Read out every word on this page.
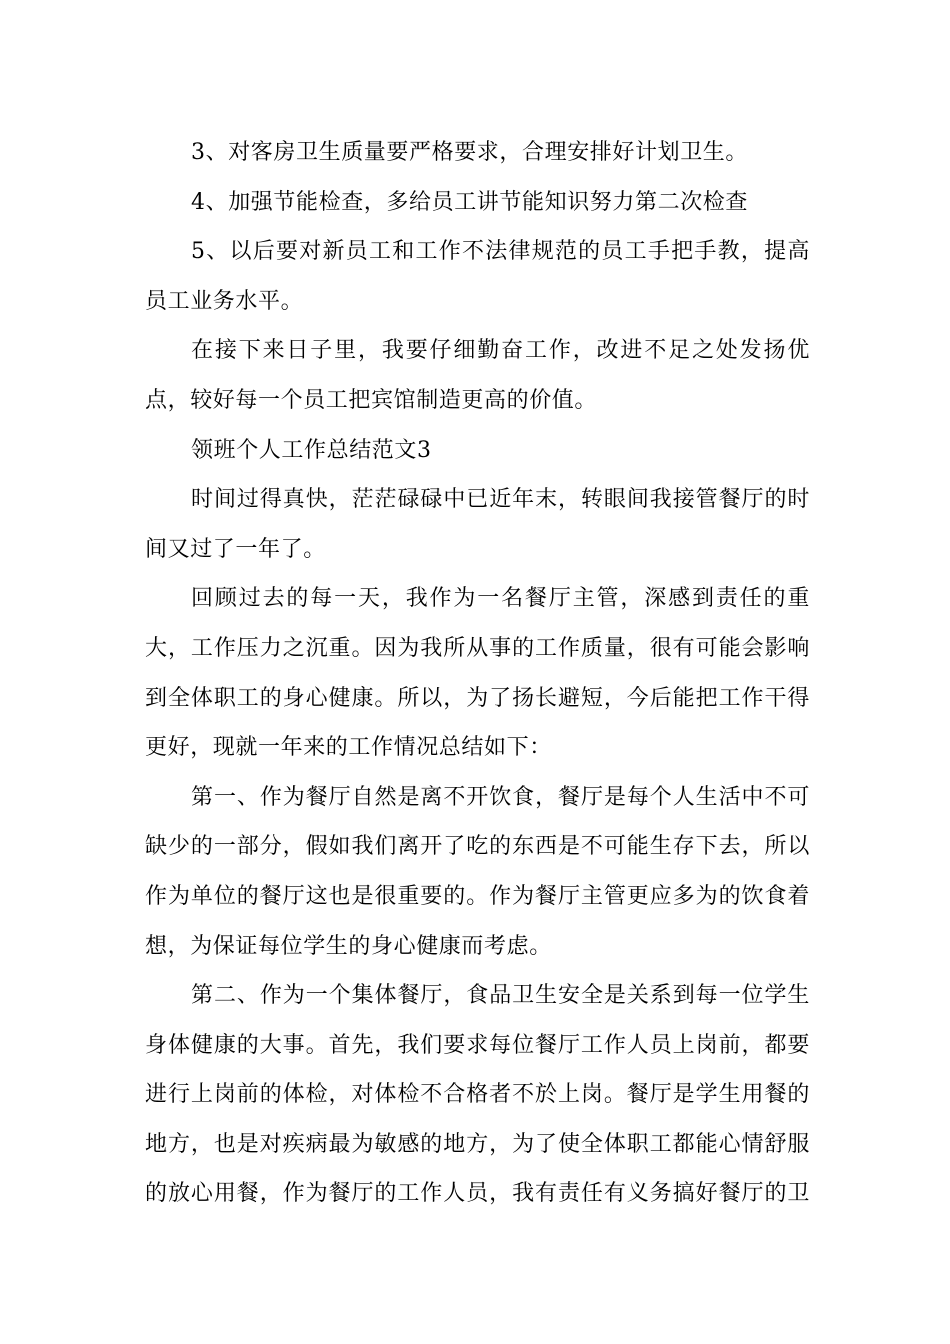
3、对客房卫生质量要严格要求，合理安排好计划卫生。

4、加强节能检查，多给员工讲节能知识努力第二次检查

5、以后要对新员工和工作不法律规范的员工手把手教，提高员工业务水平。

在接下来日子里，我要仔细勤奋工作，改进不足之处发扬优点，较好每一个员工把宾馆制造更高的价值。

领班个人工作总结范文3

时间过得真快，茫茫碌碌中已近年末，转眼间我接管餐厅的时间又过了一年了。

回顾过去的每一天，我作为一名餐厅主管，深感到责任的重大，工作压力之沉重。因为我所从事的工作质量，很有可能会影响到全体职工的身心健康。所以，为了扬长避短，今后能把工作干得更好，现就一年来的工作情况总结如下：

第一、作为餐厅自然是离不开饮食，餐厅是每个人生活中不可缺少的一部分，假如我们离开了吃的东西是不可能生存下去，所以作为单位的餐厅这也是很重要的。作为餐厅主管更应多为的饮食着想，为保证每位学生的身心健康而考虑。

第二、作为一个集体餐厅，食品卫生安全是关系到每一位学生身体健康的大事。首先，我们要求每位餐厅工作人员上岗前，都要进行上岗前的体检，对体检不合格者不於上岗。餐厅是学生用餐的地方，也是对疾病最为敏感的地方，为了使全体职工都能心情舒服的放心用餐，作为餐厅的工作人员，我有责任有义务搞好餐厅的卫
